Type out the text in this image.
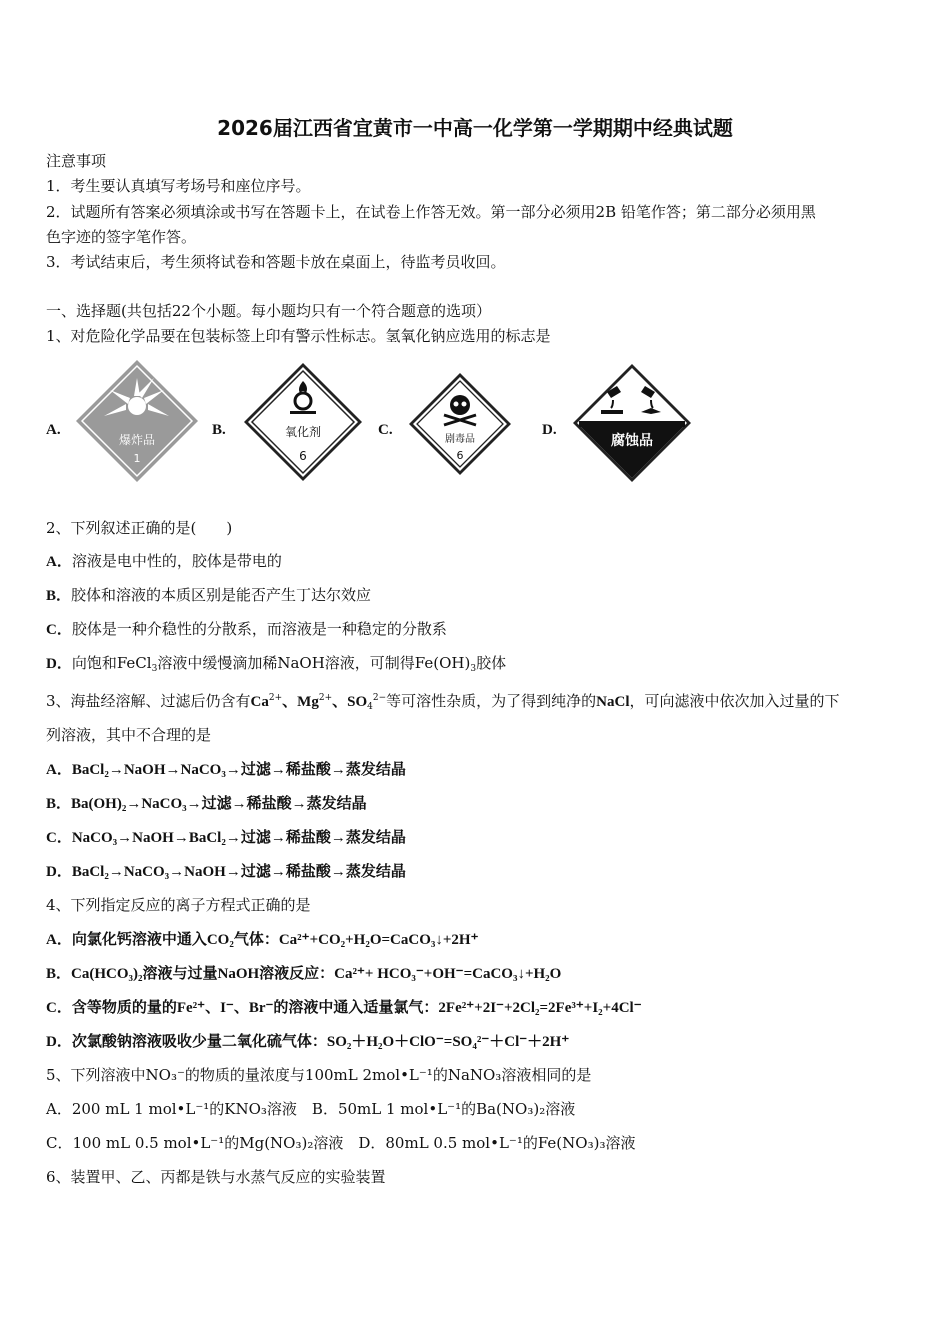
2026届江西省宜黄市一中高一化学第一学期期中经典试题
注意事项
1．考生要认真填写考场号和座位序号。
2．试题所有答案必须填涂或书写在答题卡上，在试卷上作答无效。第一部分必须用2B 铅笔作答；第二部分必须用黑
色字迹的签字笔作答。
3．考试结束后，考生须将试卷和答题卡放在桌面上，待监考员收回。
一、选择题(共包括22个小题。每小题均只有一个符合题意的选项）
1、对危险化学品要在包装标签上印有警示性标志。氢氧化钠应选用的标志是
A.
爆炸品
1
B.	氧化剂
6
C.
剧毒品
6
D.
腐蚀品
2、下列叙述正确的是(　　)
A．溶液是电中性的，胶体是带电的
B．胶体和溶液的本质区别是能否产生丁达尔效应
C．胶体是一种介稳性的分散系，而溶液是一种稳定的分散系
D．向饱和FeCl$_3$溶液中缓慢滴加稀NaOH溶液，可制得$Fe(OH)_3$胶体
3、海盐经溶解、过滤后仍含有$Ca^{2+}$、$Mg^{2+}$、$SO_4^{2-}$等可溶性杂质，为了得到纯净的NaCl，可向滤液中依次加入过量的下
列溶液，其中不合理的是
A．BaCl₂→NaOH→NaCO₃→过滤→稀盐酸→蒸发结晶
B．Ba(OH)₂→NaCO₃→过滤→稀盐酸→蒸发结晶
C．NaCO₃→NaOH→BaCl₂→过滤→稀盐酸→蒸发结晶
D．BaCl₂→NaCO₃→NaOH→过滤→稀盐酸→蒸发结晶
4、下列指定反应的离子方程式正确的是
A．向氯化钙溶液中通入CO₂气体：Ca²⁺+CO₂+H₂O=CaCO₃↓+2H⁺
B．Ca(HCO₃)₂溶液与过量NaOH溶液反应：Ca²⁺+ HCO₃⁻+OH⁻=CaCO₃↓+H₂O
C．含等物质的量的Fe²⁺、I⁻、Br⁻的溶液中通入适量氯气：2Fe²⁺+2I⁻+2Cl₂=2Fe³⁺+I₂+4Cl⁻
D．次氯酸钠溶液吸收少量二氧化硫气体：SO₂＋H₂O＋ClO⁻=SO₄²⁻＋Cl⁻＋2H⁺
5、下列溶液中NO₃⁻的物质的量浓度与100mL 2mol•L⁻¹的NaNO₃溶液相同的是
A．200 mL 1 mol•L⁻¹的KNO₃溶液　B．50mL 1 mol•L⁻¹的Ba(NO₃)₂溶液
C．100 mL 0.5 mol•L⁻¹的Mg(NO₃)₂溶液　D．80mL 0.5 mol•L⁻¹的Fe(NO₃)₃溶液
6、装置甲、乙、丙都是铁与水蒸气反应的实验装置
